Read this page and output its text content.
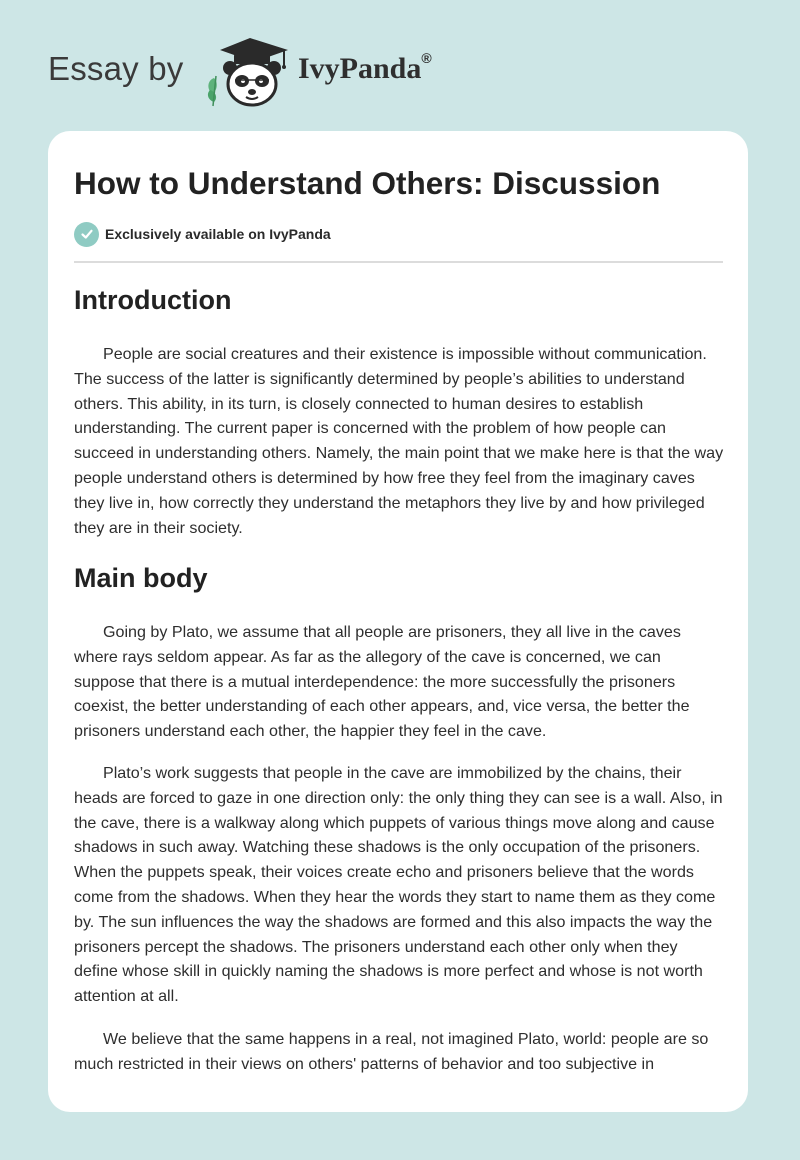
Essay by	IvyPanda®
How to Understand Others: Discussion
Exclusively available on IvyPanda
Introduction

People are social creatures and their existence is impossible without communication. The success of the latter is significantly determined by people’s abilities to understand others. This ability, in its turn, is closely connected to human desires to establish understanding. The current paper is concerned with the problem of how people can succeed in understanding others. Namely, the main point that we make here is that the way people understand others is determined by how free they feel from the imaginary caves they live in, how correctly they understand the metaphors they live by and how privileged they are in their society.

Main body

Going by Plato, we assume that all people are prisoners, they all live in the caves where rays seldom appear. As far as the allegory of the cave is concerned, we can suppose that there is a mutual interdependence: the more successfully the prisoners coexist, the better understanding of each other appears, and, vice versa, the better the prisoners understand each other, the happier they feel in the cave.

Plato’s work suggests that people in the cave are immobilized by the chains, their heads are forced to gaze in one direction only: the only thing they can see is a wall. Also, in the cave, there is a walkway along which puppets of various things move along and cause shadows in such away. Watching these shadows is the only occupation of the prisoners. When the puppets speak, their voices create echo and prisoners believe that the words come from the shadows. When they hear the words they start to name them as they come by. The sun influences the way the shadows are formed and this also impacts the way the prisoners percept the shadows. The prisoners understand each other only when they define whose skill in quickly naming the shadows is more perfect and whose is not worth attention at all.

We believe that the same happens in a real, not imagined Plato, world: people are so much restricted in their views on others' patterns of behavior and too subjective in
